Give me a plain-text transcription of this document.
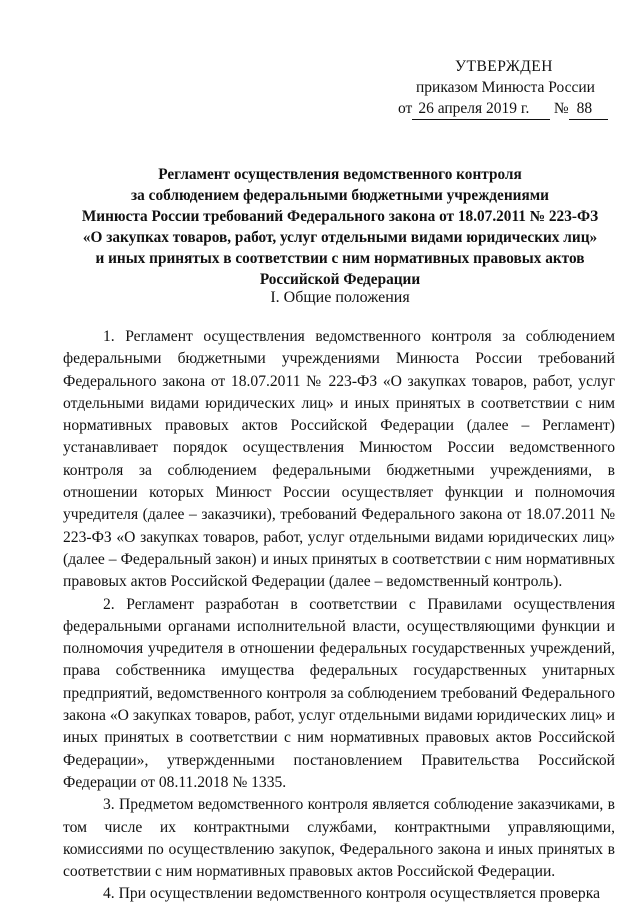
УТВЕРЖДЕН
приказом Минюста России
от 26 апреля 2019 г.	№ 88
Регламент осуществления ведомственного контроля
за соблюдением федеральными бюджетными учреждениями
Минюста России требований Федерального закона от 18.07.2011 № 223-ФЗ
«О закупках товаров, работ, услуг отдельными видами юридических лиц»
и иных принятых в соответствии с ним нормативных правовых актов
Российской Федерации
I. Общие положения

1. Регламент осуществления ведомственного контроля за соблюдением федеральными бюджетными учреждениями Минюста России требований Федерального закона от 18.07.2011 № 223-ФЗ «О закупках товаров, работ, услуг отдельными видами юридических лиц» и иных принятых в соответствии с ним нормативных правовых актов Российской Федерации (далее – Регламент) устанавливает порядок осуществления Минюстом России ведомственного контроля за соблюдением федеральными бюджетными учреждениями, в отношении которых Минюст России осуществляет функции и полномочия учредителя (далее – заказчики), требований Федерального закона от 18.07.2011 № 223-ФЗ «О закупках товаров, работ, услуг отдельными видами юридических лиц» (далее – Федеральный закон) и иных принятых в соответствии с ним нормативных правовых актов Российской Федерации (далее – ведомственный контроль).

2. Регламент разработан в соответствии с Правилами осуществления федеральными органами исполнительной власти, осуществляющими функции и полномочия учредителя в отношении федеральных государственных учреждений, права собственника имущества федеральных государственных унитарных предприятий, ведомственного контроля за соблюдением требований Федерального закона «О закупках товаров, работ, услуг отдельными видами юридических лиц» и иных принятых в соответствии с ним нормативных правовых актов Российской Федерации», утвержденными постановлением Правительства Российской Федерации от 08.11.2018 № 1335.

3. Предметом ведомственного контроля является соблюдение заказчиками, в том числе их контрактными службами, контрактными управляющими, комиссиями по осуществлению закупок, Федерального закона и иных принятых в соответствии с ним нормативных правовых актов Российской Федерации.

4. При осуществлении ведомственного контроля осуществляется проверка
